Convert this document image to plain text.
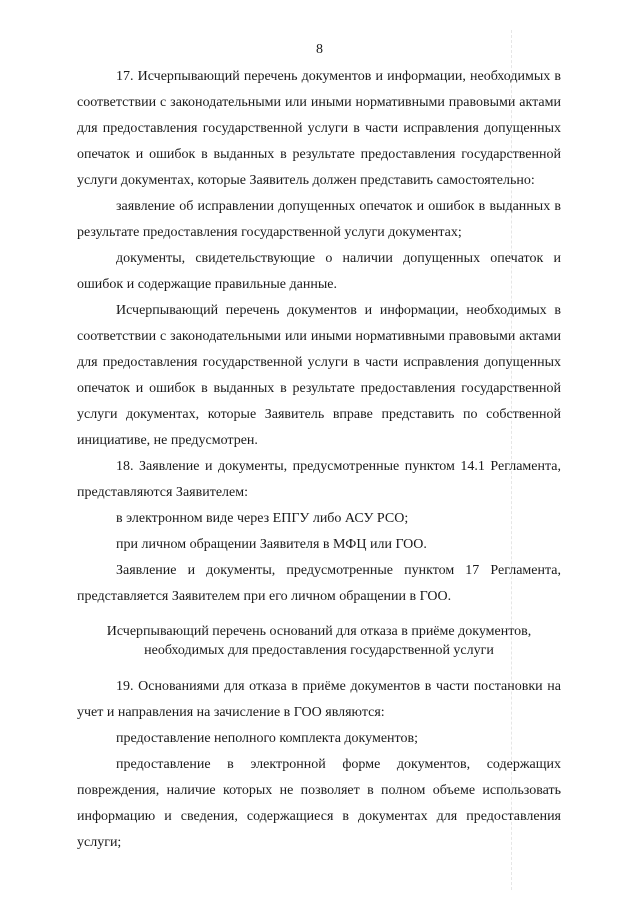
8

17. Исчерпывающий перечень документов и информации, необходимых в соответствии с законодательными или иными нормативными правовыми актами для предоставления государственной услуги в части исправления допущенных опечаток и ошибок в выданных в результате предоставления государственной услуги документах, которые Заявитель должен представить самостоятельно:

заявление об исправлении допущенных опечаток и ошибок в выданных в результате предоставления государственной услуги документах;

документы, свидетельствующие о наличии допущенных опечаток и ошибок и содержащие правильные данные.

Исчерпывающий перечень документов и информации, необходимых в соответствии с законодательными или иными нормативными правовыми актами для предоставления государственной услуги в части исправления допущенных опечаток и ошибок в выданных в результате предоставления государственной услуги документах, которые Заявитель вправе представить по собственной инициативе, не предусмотрен.

18. Заявление и документы, предусмотренные пунктом 14.1 Регламента, представляются Заявителем:

в электронном виде через ЕПГУ либо АСУ РСО;

при личном обращении Заявителя в МФЦ или ГОО.

Заявление и документы, предусмотренные пунктом 17 Регламента, представляется Заявителем при его личном обращении в ГОО.

Исчерпывающий перечень оснований для отказа в приёме документов,
необходимых для предоставления государственной услуги

19. Основаниями для отказа в приёме документов в части постановки на учет и направления на зачисление в ГОО являются:

предоставление неполного комплекта документов;

предоставление в электронной форме документов, содержащих повреждения, наличие которых не позволяет в полном объеме использовать информацию и сведения, содержащиеся в документах для предоставления услуги;
